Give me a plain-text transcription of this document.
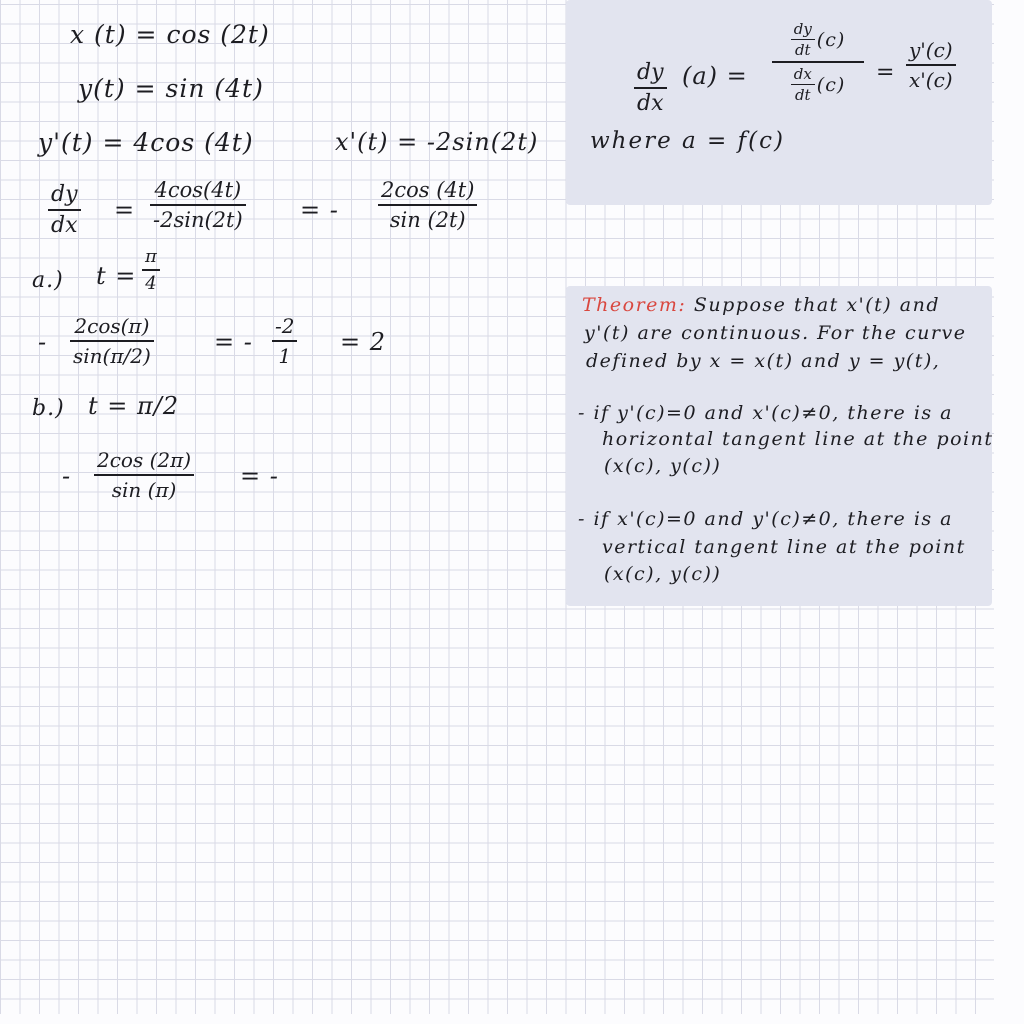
x (t) = cos (2t)
y(t) = sin (4t)
y'(t) = 4cos (4t)	x'(t) = -2sin(2t)
dy
dx
=
4cos(4t)
-2sin(2t) = -
2cos (4t)
sin (2t)
a.) t =
π
4
-
2cos(π)
sin(π/2)	= -
-2
1 = 2
b.) t = π/2
-
2cos (2π)
sin (π)	= -
dy
dx
(a) =
$\frac{dy}{dt} (c)$
$\frac{dx}{dt} (c)$ =
y'(c)
x'(c)
where a = f(c)
Theorem: Suppose that x'(t) and
y'(t) are continuous. For the curve
defined by x = x(t) and y = y(t),
- if y'(c)=0 and x'(c)≠0, there is a
horizontal tangent line at the point
(x(c), y(c))
- if x'(c)=0 and y'(c)≠0, there is a
vertical tangent line at the point
(x(c), y(c))
